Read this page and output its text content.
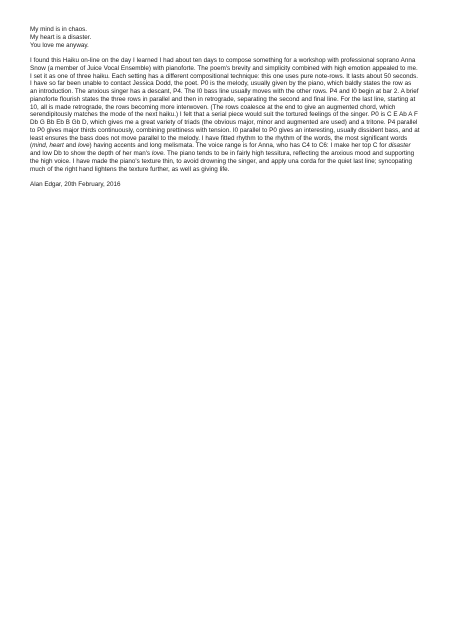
My mind is in chaos.
My heart is a disaster.
You love me anyway.

I found this Haiku on-line on the day I learned I had about ten days to compose something for a workshop with professional soprano Anna Snow (a member of Juice Vocal Ensemble) with pianoforte. The poem's brevity and simplicity combined with high emotion appealed to me. I set it as one of three haiku. Each setting has a different compositional technique: this one uses pure note-rows. It lasts about 50 seconds. I have so far been unable to contact Jessica Dodd, the poet. P0 is the melody, usually given by the piano, which baldly states the row as an introduction. The anxious singer has a descant, P4. The I0 bass line usually moves with the other rows. P4 and I0 begin at bar 2. A brief pianoforte flourish states the three rows in parallel and then in retrograde, separating the second and final line. For the last line, starting at 10, all is made retrograde, the rows becoming more interwoven. (The rows coalesce at the end to give an augmented chord, which serendipitously matches the mode of the next haiku.) I felt that a serial piece would suit the tortured feelings of the singer. P0 is C E Ab A F Db G Bb Eb B Gb D, which gives me a great variety of triads (the obvious major, minor and augmented are used) and a tritone. P4 parallel to P0 gives major thirds continuously, combining prettiness with tension. I0 parallel to P0 gives an interesting, usually dissident bass, and at least ensures the bass does not move parallel to the melody. I have fitted rhythm to the rhythm of the words, the most significant words (mind, heart and love) having accents and long melismata. The voice range is for Anna, who has C4 to C6: I make her top C for disaster and low Db to show the depth of her man's love. The piano tends to be in fairly high tessitura, reflecting the anxious mood and supporting the high voice. I have made the piano's texture thin, to avoid drowning the singer, and apply una corda for the quiet last line; syncopating much of the right hand lightens the texture further, as well as giving life.

Alan Edgar, 20th February, 2016
